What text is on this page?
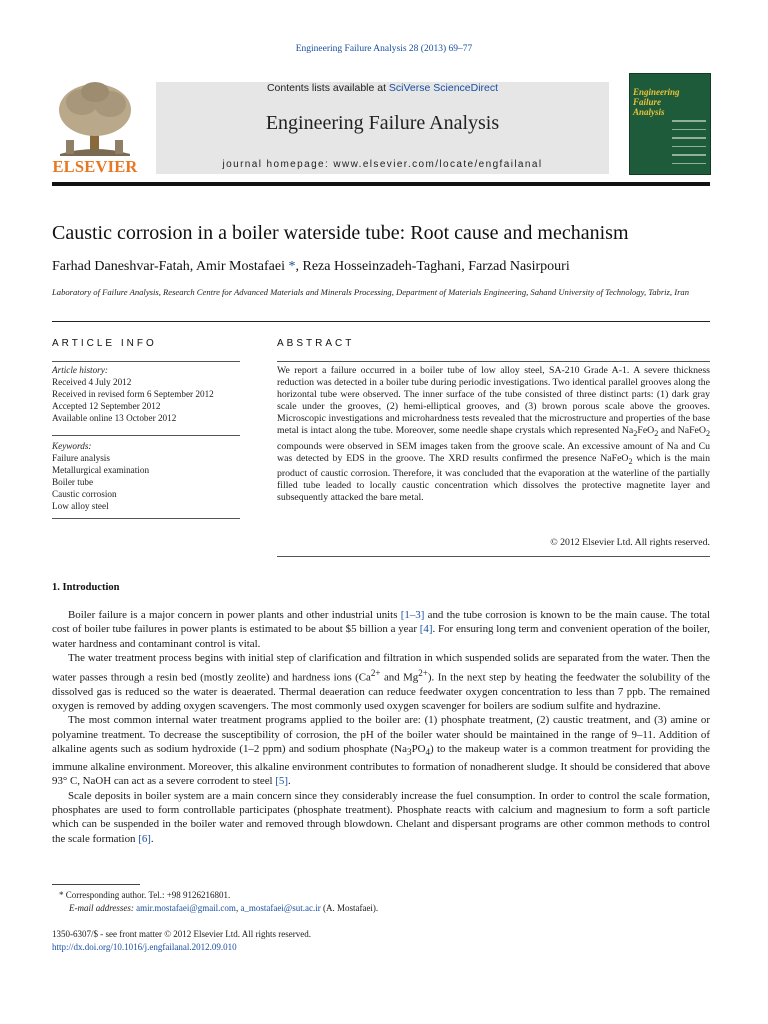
Engineering Failure Analysis 28 (2013) 69–77
ELSEVIER
Contents lists available at SciVerse ScienceDirect
Engineering Failure Analysis
journal homepage: www.elsevier.com/locate/engfailanal
Engineering
Failure
Analysis
Caustic corrosion in a boiler waterside tube: Root cause and mechanism
Farhad Daneshvar-Fatah, Amir Mostafaei *, Reza Hosseinzadeh-Taghani, Farzad Nasirpouri
Laboratory of Failure Analysis, Research Centre for Advanced Materials and Minerals Processing, Department of Materials Engineering, Sahand University of Technology, Tabriz, Iran
ARTICLE INFO
Article history:
Received 4 July 2012
Received in revised form 6 September 2012
Accepted 12 September 2012
Available online 13 October 2012
Keywords:
Failure analysis
Metallurgical examination
Boiler tube
Caustic corrosion
Low alloy steel
ABSTRACT

We report a failure occurred in a boiler tube of low alloy steel, SA-210 Grade A-1. A severe thickness reduction was detected in a boiler tube during periodic investigations. Two identical parallel grooves along the horizontal tube were observed. The inner surface of the tube consisted of three distinct parts: (1) dark gray scale under the grooves, (2) hemi-elliptical grooves, and (3) brown porous scale above the grooves. Microscopic investigations and microhardness tests revealed that the microstructure and properties of the base metal is intact along the tube. Moreover, some needle shape crystals which represented $Na_2FeO_2$ and NaFeO$_2$ compounds were observed in SEM images taken from the groove scale. An excessive amount of Na and Cu was detected by EDS in the groove. The XRD results confirmed the presence NaFeO$_2$ which is the main product of caustic corrosion. Therefore, it was concluded that the evaporation at the waterline of the partially filled tube leaded to locally caustic concentration which dissolves the protective magnetite layer and subsequently attacked the bare metal.

© 2012 Elsevier Ltd. All rights reserved.
1. Introduction

Boiler failure is a major concern in power plants and other industrial units [1–3] and the tube corrosion is known to be the main cause. The total cost of boiler tube failures in power plants is estimated to be about $5 billion a year [4]. For ensuring long term and convenient operation of the boiler, water hardness and contaminant control is vital.

The water treatment process begins with initial step of clarification and filtration in which suspended solids are separated from the water. Then the water passes through a resin bed (mostly zeolite) and hardness ions ($Ca^{2+}$ and $Mg^{2+}$). In the next step by heating the feedwater the solubility of the dissolved gas is reduced so the water is deaerated. Thermal deaeration can reduce feedwater oxygen concentration to less than 7 ppb. The remained oxygen is removed by adding oxygen scavengers. The most commonly used oxygen scavenger for boilers are sodium sulfite and hydrazine.

The most common internal water treatment programs applied to the boiler are: (1) phosphate treatment, (2) caustic treatment, and (3) amine or polyamine treatment. To decrease the susceptibility of corrosion, the pH of the boiler water should be maintained in the range of 9–11. Addition of alkaline agents such as sodium hydroxide (1–2 ppm) and sodium phosphate $(Na_3PO_4)$ to the makeup water is a common treatment for providing the immune alkaline environment. Moreover, this alkaline environment contributes to formation of nonadherent sludge. It should be considered that above 93° C, NaOH can act as a severe corrodent to steel [5].

Scale deposits in boiler system are a main concern since they considerably increase the fuel consumption. In order to control the scale formation, phosphates are used to form controllable participates (phosphate treatment). Phosphate reacts with calcium and magnesium to form a soft particle which can be suspended in the boiler water and removed through blowdown. Chelant and dispersant programs are other common methods to control the scale formation [6].

* Corresponding author. Tel.: +98 9126216801.
E-mail addresses: amir.mostafaei@gmail.com, a_mostafaei@sut.ac.ir (A. Mostafaei).
1350-6307/$ - see front matter © 2012 Elsevier Ltd. All rights reserved.
http://dx.doi.org/10.1016/j.engfailanal.2012.09.010
